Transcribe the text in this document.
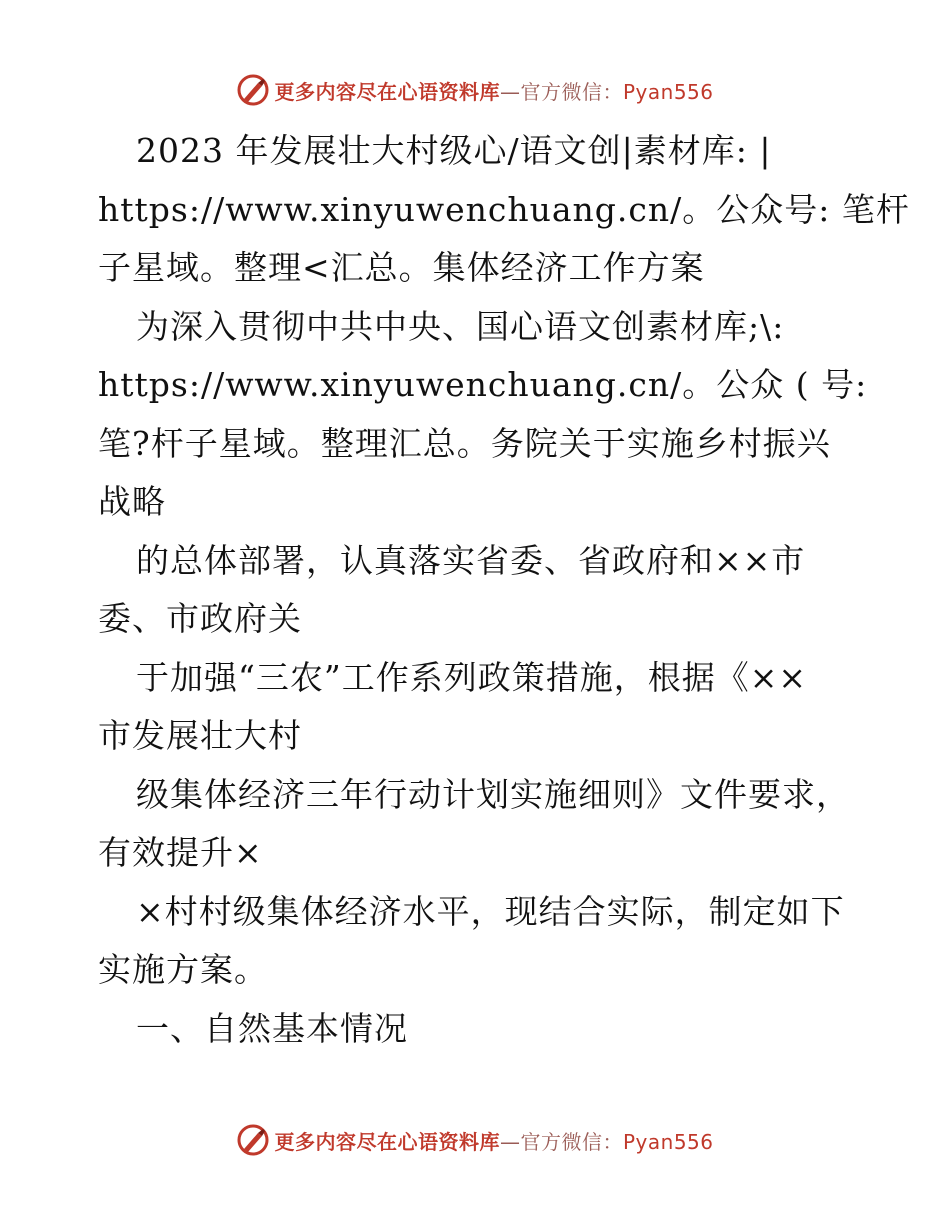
更多内容尽在心语资料库—官方微信：Pyan556
2023 年发展壮大村级心/语文创|素材库: |
https://www.xinyuwenchuang.cn/。公众号: 笔杆
子星域。整理<汇总。集体经济工作方案
为深入贯彻中共中央、国心语文创素材库;\:
https://www.xinyuwenchuang.cn/。公众 ( 号:
笔?杆子星域。整理汇总。务院关于实施乡村振兴
战略
的总体部署，认真落实省委、省政府和××市
委、市政府关
于加强“三农”工作系列政策措施，根据《××
市发展壮大村
级集体经济三年行动计划实施细则》文件要求，
有效提升×
×村村级集体经济水平，现结合实际，制定如下
实施方案。
一、自然基本情况
更多内容尽在心语资料库—官方微信：Pyan556
